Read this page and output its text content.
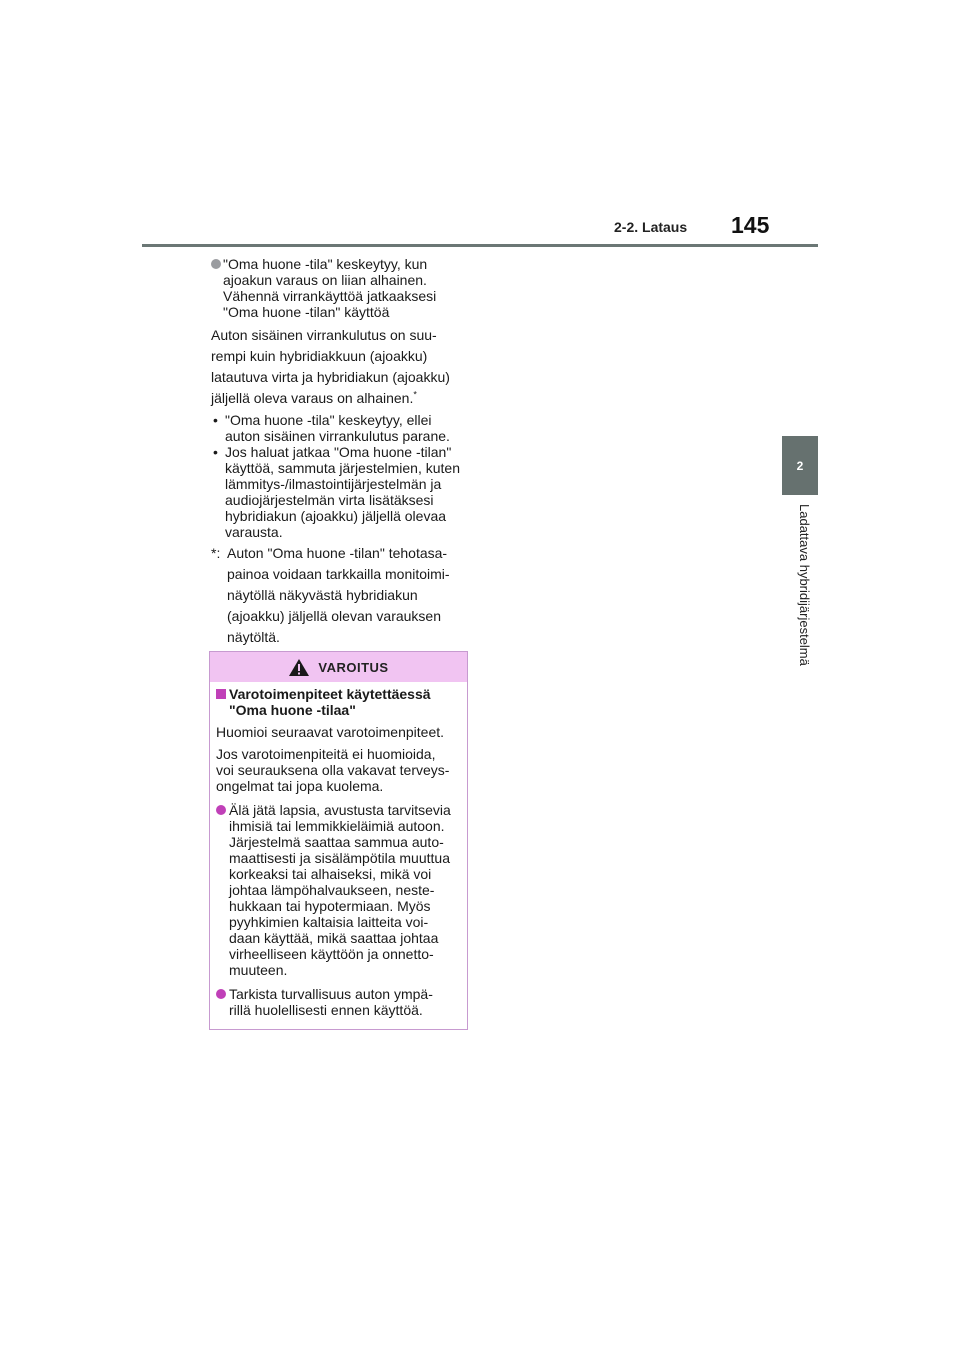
2-2. Lataus 145
2
Ladattava hybridijärjestelmä
"Oma huone -tila" keskeytyy, kun
ajoakun varaus on liian alhainen.
Vähennä virrankäyttöä jatkaaksesi
"Oma huone -tilan" käyttöä
Auton sisäinen virrankulutus on suu-
rempi kuin hybridiakkuun (ajoakku)
latautuva virta ja hybridiakun (ajoakku)
jäljellä oleva varaus on alhainen.*
• "Oma huone -tila" keskeytyy, ellei
auton sisäinen virrankulutus parane.
• Jos haluat jatkaa "Oma huone -tilan"
käyttöä, sammuta järjestelmien, kuten
lämmitys-/ilmastointijärjestelmän ja
audiojärjestelmän virta lisätäksesi
hybridiakun (ajoakku) jäljellä olevaa
varausta.
*: Auton "Oma huone -tilan" tehotasa-
painoa voidaan tarkkailla monitoimi-
näytöllä näkyvästä hybridiakun
(ajoakku) jäljellä olevan varauksen
näytöltä.
VAROITUS
Varotoimenpiteet käytettäessä
"Oma huone -tilaa"
Huomioi seuraavat varotoimenpiteet.
Jos varotoimenpiteitä ei huomioida,
voi seurauksena olla vakavat terveys-
ongelmat tai jopa kuolema.
Älä jätä lapsia, avustusta tarvitsevia
ihmisiä tai lemmikkieläimiä autoon.
Järjestelmä saattaa sammua auto-
maattisesti ja sisälämpötila muuttua
korkeaksi tai alhaiseksi, mikä voi
johtaa lämpöhalvaukseen, neste-
hukkaan tai hypotermiaan. Myös
pyyhkimien kaltaisia laitteita voi-
daan käyttää, mikä saattaa johtaa
virheelliseen käyttöön ja onnetto-
muuteen.
Tarkista turvallisuus auton ympä-
rillä huolellisesti ennen käyttöä.
